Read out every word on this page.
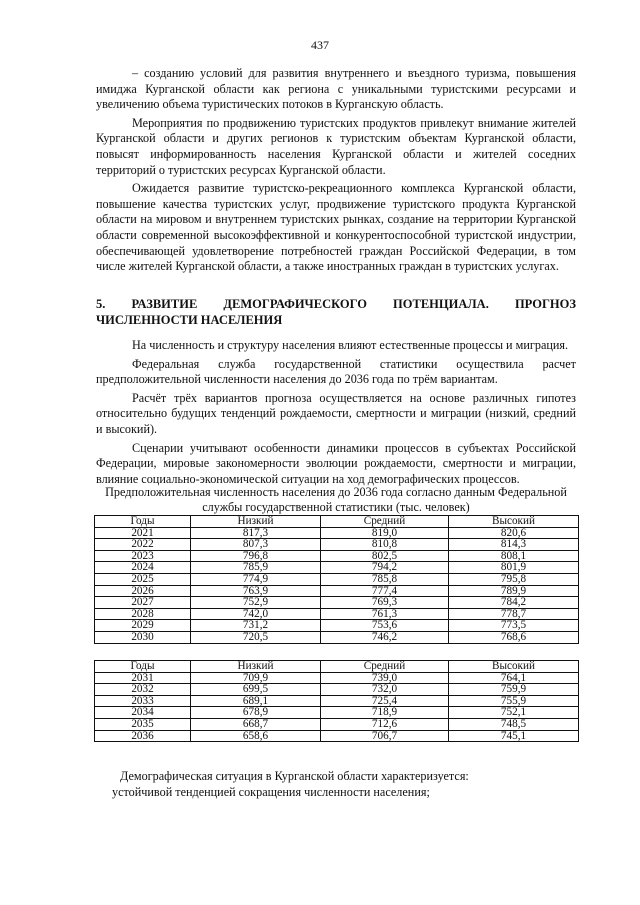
437

– созданию условий для развития внутреннего и въездного туризма, повышения имиджа Курганской области как региона с уникальными туристскими ресурсами и увеличению объема туристических потоков в Курганскую область.

Мероприятия по продвижению туристских продуктов привлекут внимание жителей Курганской области и других регионов к туристским объектам Курганской области, повысят информированность населения Курганской области и жителей соседних территорий о туристских ресурсах Курганской области.

Ожидается развитие туристско-рекреационного комплекса Курганской области, повышение качества туристских услуг, продвижение туристского продукта Курганской области на мировом и внутреннем туристских рынках, создание на территории Курганской области современной высокоэффективной и конкурентоспособной туристской индустрии, обеспечивающей удовлетворение потребностей граждан Российской Федерации, в том числе жителей Курганской области, а также иностранных граждан в туристских услугах.

5. РАЗВИТИЕ ДЕМОГРАФИЧЕСКОГО ПОТЕНЦИАЛА. ПРОГНОЗ
ЧИСЛЕННОСТИ НАСЕЛЕНИЯ

На численность и структуру населения влияют естественные процессы и миграция.

Федеральная служба государственной статистики осуществила расчет предположительной численности населения до 2036 года по трём вариантам.

Расчёт трёх вариантов прогноза осуществляется на основе различных гипотез относительно будущих тенденций рождаемости, смертности и миграции (низкий, средний и высокий).

Сценарии учитывают особенности динамики процессов в субъектах Российской Федерации, мировые закономерности эволюции рождаемости, смертности и миграции, влияние социально-экономической ситуации на ход демографических процессов.

Предположительная численность населения до 2036 года согласно данным Федеральной службы государственной статистики (тыс. человек)
Годы	Низкий	Средний	Высокий
2021	817,3	819,0	820,6
2022	807,3	810,8	814,3
2023	796,8	802,5	808,1
2024	785,9	794,2	801,9
2025	774,9	785,8	795,8
2026	763,9	777,4	789,9
2027	752,9	769,3	784,2
2028	742,0	761,3	778,7
2029	731,2	753,6	773,5
2030	720,5	746,2	768,6
Годы	Низкий	Средний	Высокий
2031	709,9	739,0	764,1
2032	699,5	732,0	759,9
2033	689,1	725,4	755,9
2034	678,9	718,9	752,1
2035	668,7	712,6	748,5
2036	658,6	706,7	745,1

Демографическая ситуация в Курганской области характеризуется:

устойчивой тенденцией сокращения численности населения;
